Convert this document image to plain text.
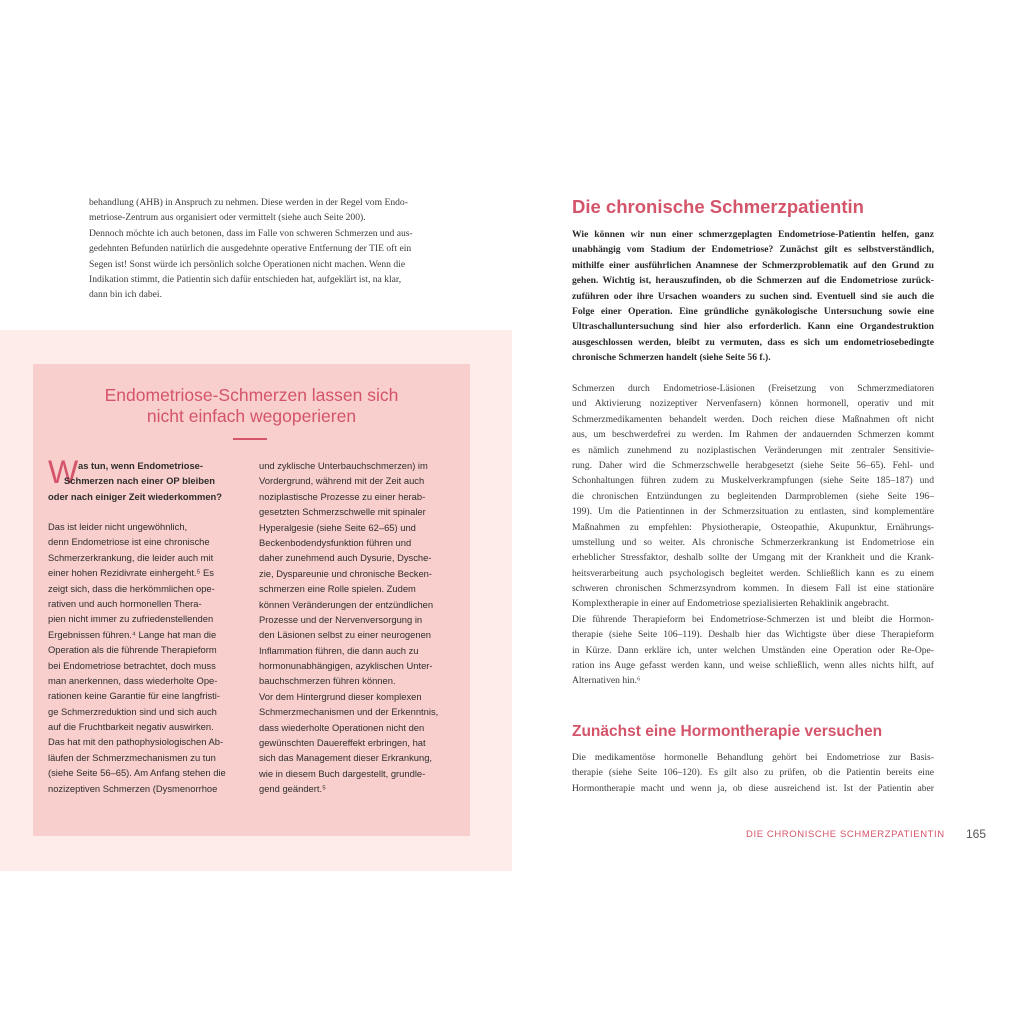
behandlung (AHB) in Anspruch zu nehmen. Diese werden in der Regel vom Endo-
metriose-Zentrum aus organisiert oder vermittelt (siehe auch Seite 200).
Dennoch möchte ich auch betonen, dass im Falle von schweren Schmerzen und aus-
gedehnten Befunden natürlich die ausgedehnte operative Entfernung der TIE oft ein
Segen ist! Sonst würde ich persönlich solche Operationen nicht machen. Wenn die
Indikation stimmt, die Patientin sich dafür entschieden hat, aufgeklärt ist, na klar,
dann bin ich dabei.
Endometriose-Schmerzen lassen sich
nicht einfach wegoperieren
W as tun, wenn Endometriose-
Schmerzen nach einer OP bleiben
oder nach einiger Zeit wiederkommen?
Das ist leider nicht ungewöhnlich,
denn Endometriose ist eine chronische
Schmerzerkrankung, die leider auch mit
einer hohen Rezidivrate einhergeht.⁵ Es
zeigt sich, dass die herkömmlichen ope-
rativen und auch hormonellen Thera-
pien nicht immer zu zufriedenstellenden
Ergebnissen führen.⁴ Lange hat man die
Operation als die führende Therapieform
bei Endometriose betrachtet, doch muss
man anerkennen, dass wiederholte Ope-
rationen keine Garantie für eine langfristi-
ge Schmerzreduktion sind und sich auch
auf die Fruchtbarkeit negativ auswirken.
Das hat mit den pathophysiologischen Ab-
läufen der Schmerzmechanismen zu tun
(siehe Seite 56–65). Am Anfang stehen die
nozizeptiven Schmerzen (Dysmenorrhoe
und zyklische Unterbauchschmerzen) im
Vordergrund, während mit der Zeit auch
noziplastische Prozesse zu einer herab-
gesetzten Schmerzschwelle mit spinaler
Hyperalgesie (siehe Seite 62–65) und
Beckenbodendysfunktion führen und
daher zunehmend auch Dysurie, Dysche-
zie, Dyspareunie und chronische Becken-
schmerzen eine Rolle spielen. Zudem
können Veränderungen der entzündlichen
Prozesse und der Nervenversorgung in
den Läsionen selbst zu einer neurogenen
Inflammation führen, die dann auch zu
hormonunabhängigen, azyklischen Unter-
bauchschmerzen führen können.
Vor dem Hintergrund dieser komplexen
Schmerzmechanismen und der Erkenntnis,
dass wiederholte Operationen nicht den
gewünschten Dauereffekt erbringen, hat
sich das Management dieser Erkrankung,
wie in diesem Buch dargestellt, grundle-
gend geändert.⁵
Die chronische Schmerzpatientin
Wie können wir nun einer schmerzgeplagten Endometriose-Patientin helfen, ganz
unabhängig vom Stadium der Endometriose? Zunächst gilt es selbstverständlich,
mithilfe einer ausführlichen Anamnese der Schmerzproblematik auf den Grund zu
gehen. Wichtig ist, herauszufinden, ob die Schmerzen auf die Endometriose zurück-
zuführen oder ihre Ursachen woanders zu suchen sind. Eventuell sind sie auch die
Folge einer Operation. Eine gründliche gynäkologische Untersuchung sowie eine
Ultraschalluntersuchung sind hier also erforderlich. Kann eine Organdestruktion
ausgeschlossen werden, bleibt zu vermuten, dass es sich um endometriosebedingte
chronische Schmerzen handelt (siehe Seite 56 f.).
Schmerzen durch Endometriose-Läsionen (Freisetzung von Schmerzmediatoren
und Aktivierung nozizeptiver Nervenfasern) können hormonell, operativ und mit
Schmerzmedikamenten behandelt werden. Doch reichen diese Maßnahmen oft nicht
aus, um beschwerdefrei zu werden. Im Rahmen der andauernden Schmerzen kommt
es nämlich zunehmend zu noziplastischen Veränderungen mit zentraler Sensitivie-
rung. Daher wird die Schmerzschwelle herabgesetzt (siehe Seite 56–65). Fehl- und
Schonhaltungen führen zudem zu Muskelverkrampfungen (siehe Seite 185–187) und
die chronischen Entzündungen zu begleitenden Darmproblemen (siehe Seite 196–
199). Um die Patientinnen in der Schmerzsituation zu entlasten, sind komplementäre
Maßnahmen zu empfehlen: Physiotherapie, Osteopathie, Akupunktur, Ernährungs-
umstellung und so weiter. Als chronische Schmerzerkrankung ist Endometriose ein
erheblicher Stressfaktor, deshalb sollte der Umgang mit der Krankheit und die Krank-
heitsverarbeitung auch psychologisch begleitet werden. Schließlich kann es zu einem
schweren chronischen Schmerzsyndrom kommen. In diesem Fall ist eine stationäre
Komplextherapie in einer auf Endometriose spezialisierten Rehaklinik angebracht.
Die führende Therapieform bei Endometriose-Schmerzen ist und bleibt die Hormon-
therapie (siehe Seite 106–119). Deshalb hier das Wichtigste über diese Therapieform
in Kürze. Dann erkläre ich, unter welchen Umständen eine Operation oder Re-Ope-
ration ins Auge gefasst werden kann, und weise schließlich, wenn alles nichts hilft, auf
Alternativen hin.⁶
Zunächst eine Hormontherapie versuchen
Die medikamentöse hormonelle Behandlung gehört bei Endometriose zur Basis-
therapie (siehe Seite 106–120). Es gilt also zu prüfen, ob die Patientin bereits eine
Hormontherapie macht und wenn ja, ob diese ausreichend ist. Ist der Patientin aber
DIE CHRONISCHE SCHMERZPATIENTIN 165
